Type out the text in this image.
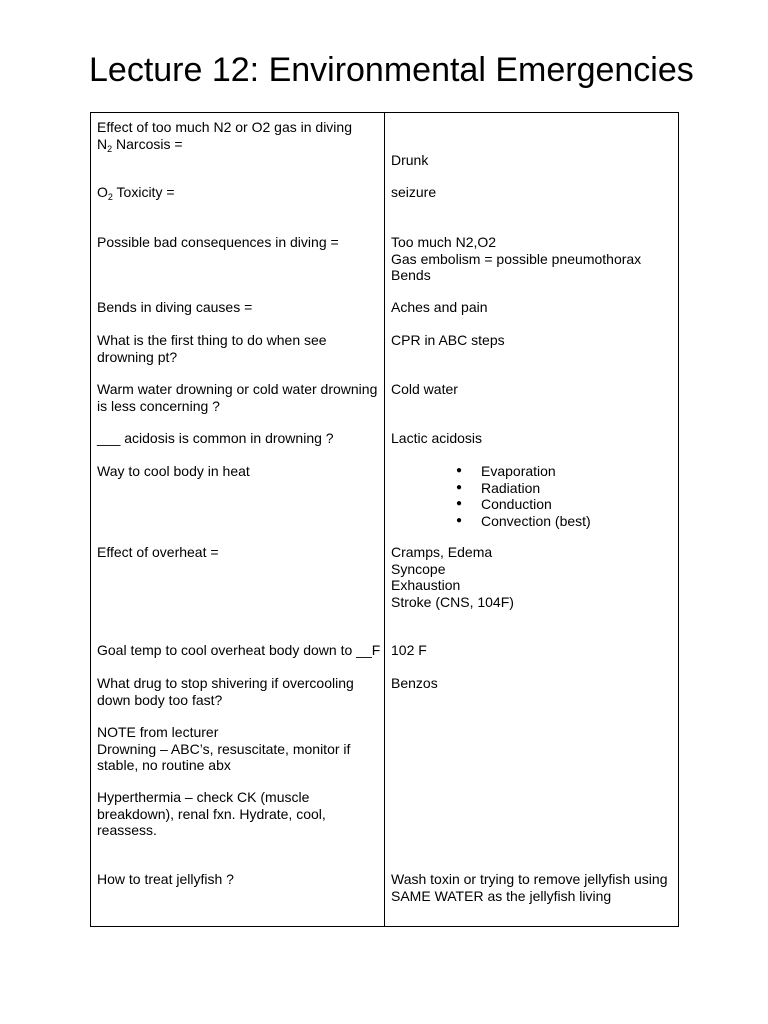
Lecture 12: Environmental Emergencies
Effect of too much N2 or O2 gas in diving
$N_2$ Narcosis =
Drunk
$O_2$ Toxicity =	seizure
Possible bad consequences in diving =	Too much N2,O2
Gas embolism = possible pneumothorax
Bends
Bends in diving causes =	Aches and pain
What is the first thing to do when see
drowning pt?
CPR in ABC steps
Warm water drowning or cold water drowning
is less concerning ?
Cold water
___ acidosis is common in drowning ?	Lactic acidosis
Way to cool body in heat
●	Evaporation
● Radiation
● Conduction
● Convection (best)
Effect of overheat =	Cramps, Edema
Syncope
Exhaustion
Stroke (CNS, 104F)
Goal temp to cool overheat body down to __F 102 F
What drug to stop shivering if overcooling
down body too fast?
Benzos
NOTE from lecturer
Drowning – ABC’s, resuscitate, monitor if
stable, no routine abx
Hyperthermia – check CK (muscle
breakdown), renal fxn. Hydrate, cool,
reassess.
How to treat jellyfish ?	Wash toxin or trying to remove jellyfish using
SAME WATER as the jellyfish living
